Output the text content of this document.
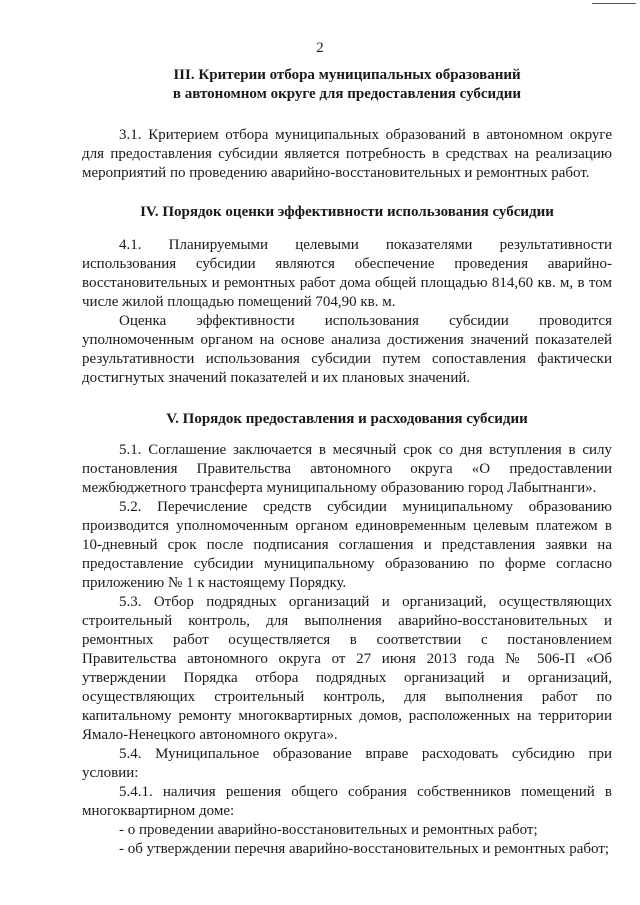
2
III. Критерии отбора муниципальных образований
в автономном округе для предоставления субсидии

3.1. Критерием отбора муниципальных образований в автономном округе для предоставления субсидии является потребность в средствах на реализацию мероприятий по проведению аварийно-восстановительных и ремонтных работ.

IV. Порядок оценки эффективности использования субсидии

4.1. Планируемыми целевыми показателями результативности использования субсидии являются обеспечение проведения аварийно-восстановительных и ремонтных работ дома общей площадью 814,60 кв. м, в том числе жилой площадью помещений 704,90 кв. м.

Оценка эффективности использования субсидии проводится уполномоченным органом на основе анализа достижения значений показателей результативности использования субсидии путем сопоставления фактически достигнутых значений показателей и их плановых значений.

V. Порядок предоставления и расходования субсидии

5.1. Соглашение заключается в месячный срок со дня вступления в силу постановления Правительства автономного округа «О предоставлении межбюджетного трансферта муниципальному образованию город Лабытнанги».

5.2. Перечисление средств субсидии муниципальному образованию производится уполномоченным органом единовременным целевым платежом в 10-дневный срок после подписания соглашения и представления заявки на предоставление субсидии муниципальному образованию по форме согласно приложению № 1 к настоящему Порядку.

5.3. Отбор подрядных организаций и организаций, осуществляющих строительный контроль, для выполнения аварийно-восстановительных и ремонтных работ осуществляется в соответствии с постановлением Правительства автономного округа от 27 июня 2013 года № 506-П «Об утверждении Порядка отбора подрядных организаций и организаций, осуществляющих строительный контроль, для выполнения работ по капитальному ремонту многоквартирных домов, расположенных на территории Ямало-Ненецкого автономного округа».

5.4. Муниципальное образование вправе расходовать субсидию при условии:

5.4.1. наличия решения общего собрания собственников помещений в многоквартирном доме:

- о проведении аварийно-восстановительных и ремонтных работ;

- об утверждении перечня аварийно-восстановительных и ремонтных работ;
